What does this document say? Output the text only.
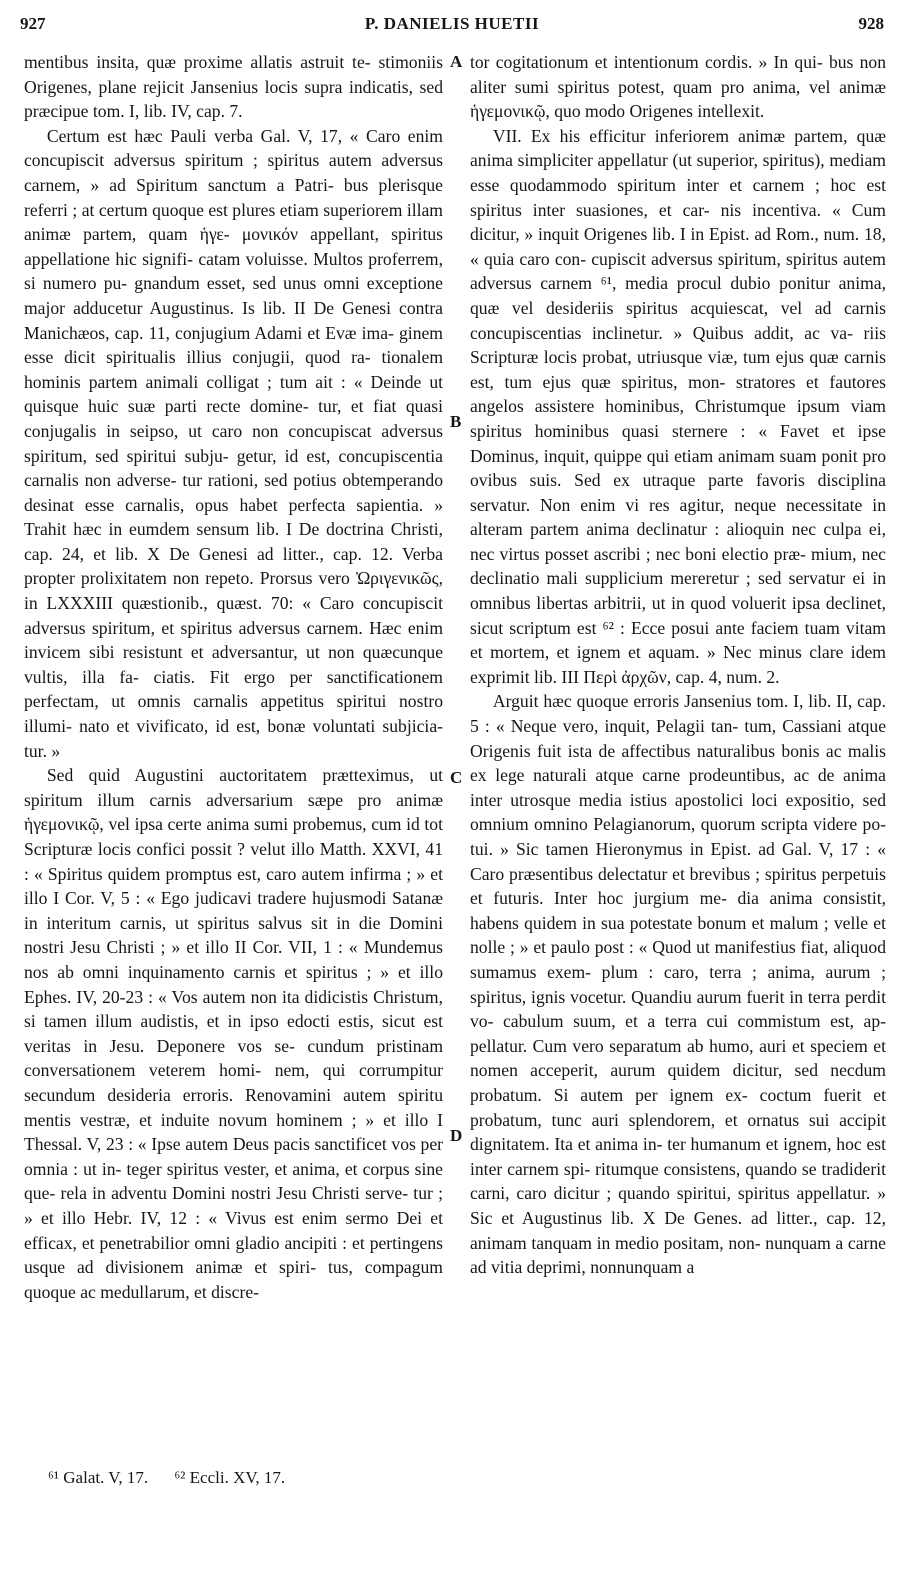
927	P. DANIELIS HUETII	928

mentibus insita, quæ proxime allatis astruit te- stimoniis Origenes, plane rejicit Jansenius locis supra indicatis, sed præcipue tom. I, lib. IV, cap. 7.

Certum est hæc Pauli verba Gal. V, 17, « Caro enim concupiscit adversus spiritum ; spiritus autem adversus carnem, » ad Spiritum sanctum a Patri- bus plerisque referri ; at certum quoque est plures etiam superiorem illam animæ partem, quam ἡγε- μονικόν appellant, spiritus appellatione hic signifi- catam voluisse. Multos proferrem, si numero pu- gnandum esset, sed unus omni exceptione major adducetur Augustinus. Is lib. II De Genesi contra Manichæos, cap. 11, conjugium Adami et Evæ ima- ginem esse dicit spiritualis illius conjugii, quod ra- tionalem hominis partem animali colligat ; tum ait : « Deinde ut quisque huic suæ parti recte domine- tur, et fiat quasi conjugalis in seipso, ut caro non concupiscat adversus spiritum, sed spiritui subju- getur, id est, concupiscentia carnalis non adverse- tur rationi, sed potius obtemperando desinat esse carnalis, opus habet perfecta sapientia. » Trahit hæc in eumdem sensum lib. I De doctrina Christi, cap. 24, et lib. X De Genesi ad litter., cap. 12. Verba propter prolixitatem non repeto. Prorsus vero Ὠριγενικῶς, in LXXXIII quæstionib., quæst. 70: « Caro concupiscit adversus spiritum, et spiritus adversus carnem. Hæc enim invicem sibi resistunt et adversantur, ut non quæcunque vultis, illa fa- ciatis. Fit ergo per sanctificationem perfectam, ut omnis carnalis appetitus spiritui nostro illumi- nato et vivificato, id est, bonæ voluntati subjicia- tur. »

Sed quid Augustini auctoritatem prætteximus, ut spiritum illum carnis adversarium sæpe pro animæ ἡγεμονικῷ, vel ipsa certe anima sumi probemus, cum id tot Scripturæ locis confici possit ? velut illo Matth. XXVI, 41 : « Spiritus quidem promptus est, caro autem infirma ; » et illo I Cor. V, 5 : « Ego judicavi tradere hujusmodi Satanæ in interitum carnis, ut spiritus salvus sit in die Domini nostri Jesu Christi ; » et illo II Cor. VII, 1 : « Mundemus nos ab omni inquinamento carnis et spiritus ; » et illo Ephes. IV, 20-23 : « Vos autem non ita didicistis Christum, si tamen illum audistis, et in ipso edocti estis, sicut est veritas in Jesu. Deponere vos se- cundum pristinam conversationem veterem homi- nem, qui corrumpitur secundum desideria erroris. Renovamini autem spiritu mentis vestræ, et induite novum hominem ; » et illo I Thessal. V, 23 : « Ipse autem Deus pacis sanctificet vos per omnia : ut in- teger spiritus vester, et anima, et corpus sine que- rela in adventu Domini nostri Jesu Christi serve- tur ; » et illo Hebr. IV, 12 : « Vivus est enim sermo Dei et efficax, et penetrabilior omni gladio ancipiti : et pertingens usque ad divisionem animæ et spiri- tus, compagum quoque ac medullarum, et discre-

A
B
C
D

tor cogitationum et intentionum cordis. » In qui- bus non aliter sumi spiritus potest, quam pro anima, vel animæ ἡγεμονικῷ, quo modo Origenes intellexit.

VII. Ex his efficitur inferiorem animæ partem, quæ anima simpliciter appellatur (ut superior, spiritus), mediam esse quodammodo spiritum inter et carnem ; hoc est spiritus inter suasiones, et car- nis incentiva. « Cum dicitur, » inquit Origenes lib. I in Epist. ad Rom., num. 18, « quia caro con- cupiscit adversus spiritum, spiritus autem adversus carnem ⁶¹, media procul dubio ponitur anima, quæ vel desideriis spiritus acquiescat, vel ad carnis concupiscentias inclinetur. » Quibus addit, ac va- riis Scripturæ locis probat, utriusque viæ, tum ejus quæ carnis est, tum ejus quæ spiritus, mon- stratores et fautores angelos assistere hominibus, Christumque ipsum viam spiritus hominibus quasi sternere : « Favet et ipse Dominus, inquit, quippe qui etiam animam suam ponit pro ovibus suis. Sed ex utraque parte favoris disciplina servatur. Non enim vi res agitur, neque necessitate in alteram partem anima declinatur : alioquin nec culpa ei, nec virtus posset ascribi ; nec boni electio præ- mium, nec declinatio mali supplicium mereretur ; sed servatur ei in omnibus libertas arbitrii, ut in quod voluerit ipsa declinet, sicut scriptum est ⁶² : Ecce posui ante faciem tuam vitam et mortem, et ignem et aquam. » Nec minus clare idem exprimit lib. III Περὶ ἀρχῶν, cap. 4, num. 2.

Arguit hæc quoque erroris Jansenius tom. I, lib. II, cap. 5 : « Neque vero, inquit, Pelagii tan- tum, Cassiani atque Origenis fuit ista de affectibus naturalibus bonis ac malis ex lege naturali atque carne prodeuntibus, ac de anima inter utrosque media istius apostolici loci expositio, sed omnium omnino Pelagianorum, quorum scripta videre po- tui. » Sic tamen Hieronymus in Epist. ad Gal. V, 17 : « Caro præsentibus delectatur et brevibus ; spiritus perpetuis et futuris. Inter hoc jurgium me- dia anima consistit, habens quidem in sua potestate bonum et malum ; velle et nolle ; » et paulo post : « Quod ut manifestius fiat, aliquod sumamus exem- plum : caro, terra ; anima, aurum ; spiritus, ignis vocetur. Quandiu aurum fuerit in terra perdit vo- cabulum suum, et a terra cui commistum est, ap- pellatur. Cum vero separatum ab humo, auri et speciem et nomen acceperit, aurum quidem dicitur, sed necdum probatum. Si autem per ignem ex- coctum fuerit et probatum, tunc auri splendorem, et ornatus sui accipit dignitatem. Ita et anima in- ter humanum et ignem, hoc est inter carnem spi- ritumque consistens, quando se tradiderit carni, caro dicitur ; quando spiritui, spiritus appellatur. » Sic et Augustinus lib. X De Genes. ad litter., cap. 12, animam tanquam in medio positam, non- nunquam a carne ad vitia deprimi, nonnunquam a

⁶¹ Galat. V, 17. ⁶² Eccli. XV, 17.
